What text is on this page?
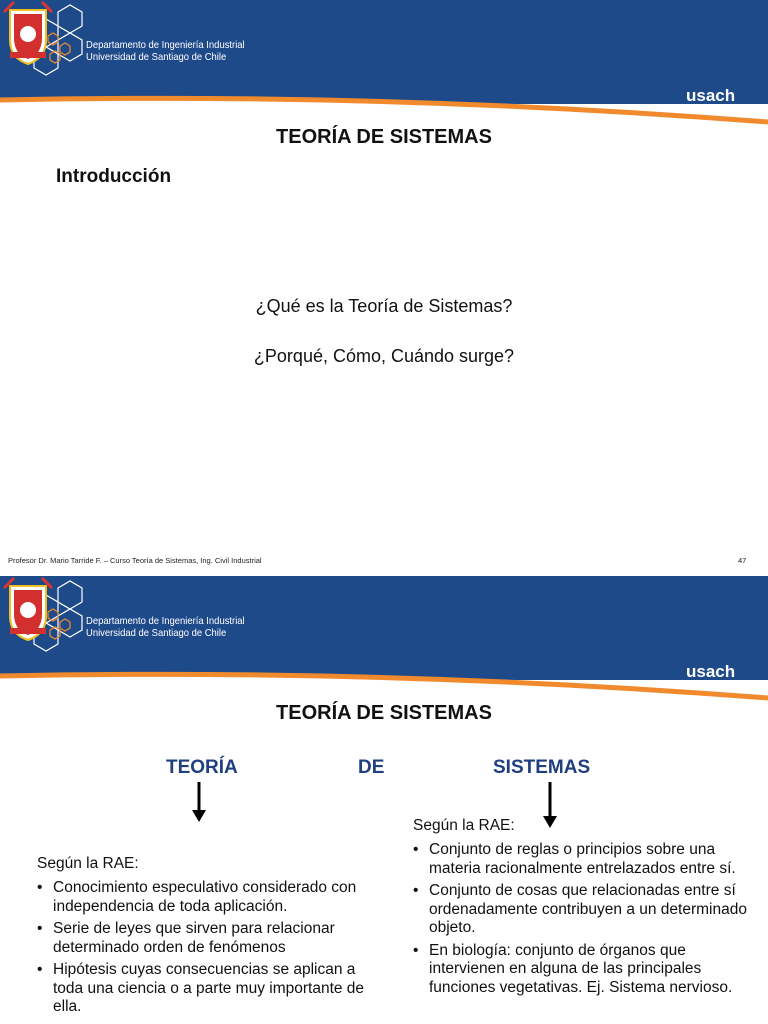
Departamento de Ingeniería Industrial
Universidad de Santiago de Chile
usach
TEORÍA DE SISTEMAS
Introducción
¿Qué es la Teoría de Sistemas?
¿Porqué, Cómo, Cuándo surge?
Profesor Dr. Mario Tarride F. – Curso Teoría de Sistemas, Ing. Civil Industrial	47
Departamento de Ingeniería Industrial
Universidad de Santiago de Chile
usach
TEORÍA DE SISTEMAS
TEORÍA	DE	SISTEMAS
Según la RAE:
• Conocimiento especulativo considerado con independencia de toda aplicación.
• Serie de leyes que sirven para relacionar determinado orden de fenómenos
• Hipótesis cuyas consecuencias se aplican a toda una ciencia o a parte muy importante de ella.
Según la RAE:
• Conjunto de reglas o principios sobre una materia racionalmente entrelazados entre sí.
• Conjunto de cosas que relacionadas entre sí ordenadamente contribuyen a un determinado objeto.
• En biología: conjunto de órganos que intervienen en alguna de las principales funciones vegetativas. Ej. Sistema nervioso.
